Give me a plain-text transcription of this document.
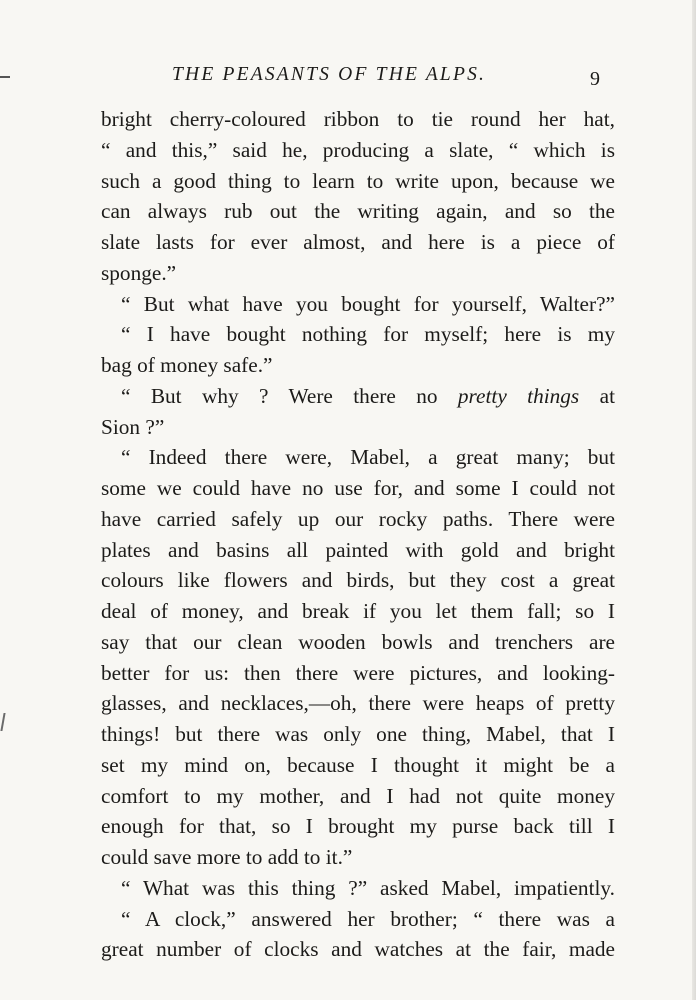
THE PEASANTS OF THE ALPS.	9
bright cherry-coloured ribbon to tie round her hat,
“ and this,” said he, producing a slate, “ which is
such a good thing to learn to write upon, because we
can always rub out the writing again, and so the
slate lasts for ever almost, and here is a piece of
sponge.”
“ But what have you bought for yourself, Walter?”
“ I have bought nothing for myself; here is my
bag of money safe.”
“ But why ? Were there no pretty things at
Sion ?”
“ Indeed there were, Mabel, a great many; but
some we could have no use for, and some I could not
have carried safely up our rocky paths. There were
plates and basins all painted with gold and bright
colours like flowers and birds, but they cost a great
deal of money, and break if you let them fall; so I
say that our clean wooden bowls and trenchers are
better for us: then there were pictures, and looking-
glasses, and necklaces,—oh, there were heaps of pretty
things! but there was only one thing, Mabel, that I
set my mind on, because I thought it might be a
comfort to my mother, and I had not quite money
enough for that, so I brought my purse back till I
could save more to add to it.”
“ What was this thing ?” asked Mabel, impatiently.
“ A clock,” answered her brother; “ there was a
great number of clocks and watches at the fair, made
